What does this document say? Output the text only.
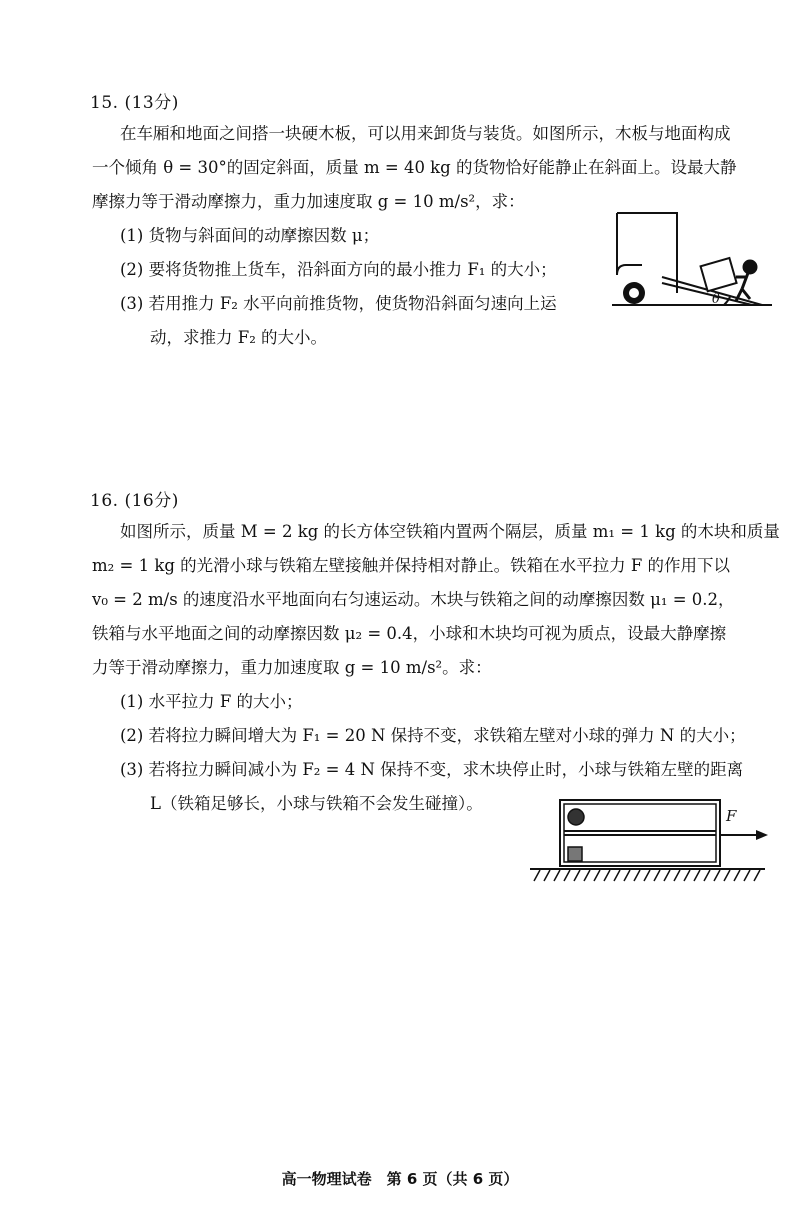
15. (13分)
在车厢和地面之间搭一块硬木板，可以用来卸货与装货。如图所示，木板与地面构成
一个倾角 θ = 30°的固定斜面，质量 m = 40 kg 的货物恰好能静止在斜面上。设最大静
摩擦力等于滑动摩擦力，重力加速度取 g = 10 m/s²，求：
(1) 货物与斜面间的动摩擦因数 μ；
(2) 要将货物推上货车，沿斜面方向的最小推力 F₁ 的大小；
(3) 若用推力 F₂ 水平向前推货物，使货物沿斜面匀速向上运
动，求推力 F₂ 的大小。
θ
16. (16分)
如图所示，质量 M = 2 kg 的长方体空铁箱内置两个隔层，质量 m₁ = 1 kg 的木块和质量
m₂ = 1 kg 的光滑小球与铁箱左壁接触并保持相对静止。铁箱在水平拉力 F 的作用下以
v₀ = 2 m/s 的速度沿水平地面向右匀速运动。木块与铁箱之间的动摩擦因数 μ₁ = 0.2，
铁箱与水平地面之间的动摩擦因数 μ₂ = 0.4，小球和木块均可视为质点，设最大静摩擦
力等于滑动摩擦力，重力加速度取 g = 10 m/s²。求：
(1) 水平拉力 F 的大小；
(2) 若将拉力瞬间增大为 F₁ = 20 N 保持不变，求铁箱左壁对小球的弹力 N 的大小；
(3) 若将拉力瞬间减小为 F₂ = 4 N 保持不变，求木块停止时，小球与铁箱左壁的距离
L（铁箱足够长，小球与铁箱不会发生碰撞）。
F
高一物理试卷　第 6 页（共 6 页）
